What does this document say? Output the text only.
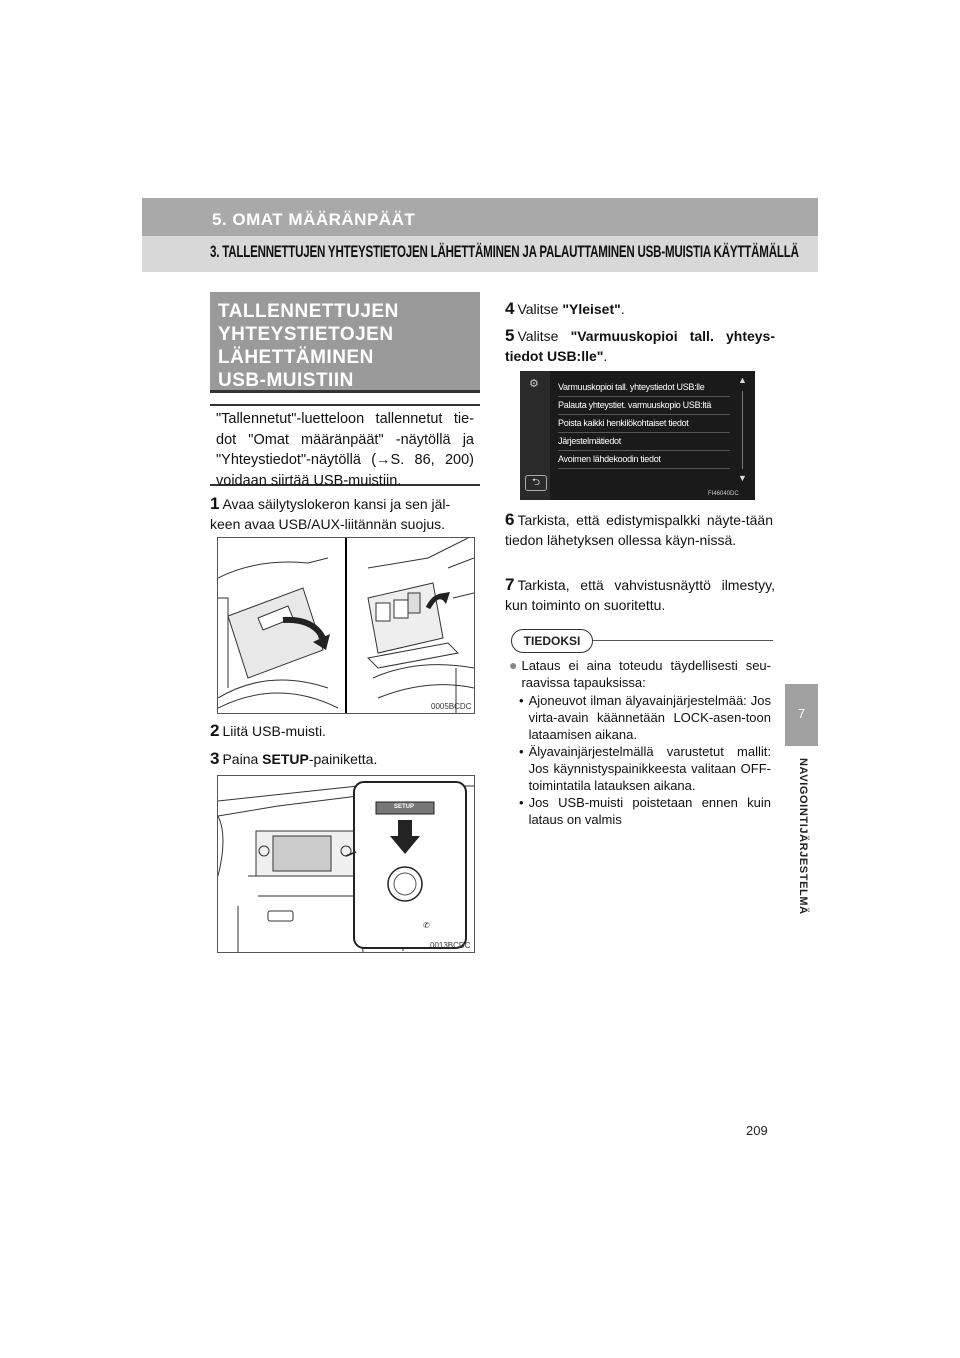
5. OMAT MÄÄRÄNPÄÄT
3. TALLENNETTUJEN YHTEYSTIETOJEN LÄHETTÄMINEN JA PALAUTTAMINEN USB-MUISTIA KÄYTTÄMÄLLÄ
7
NAVIGOINTIJÄRJESTELMÄ
TALLENNETTUJEN YHTEYSTIETOJEN LÄHETTÄMINEN USB-MUISTIIN

"Tallennetut"-luetteloon tallennetut tie-dot "Omat määränpäät" -näytöllä ja "Yhteystiedot"-näytöllä (→S. 86, 200) voidaan siirtää USB-muistiin.

1 Avaa säilytyslokeron kansi ja sen jäl-keen avaa USB/AUX-liitännän suojus.
0005BCDC
2 Liitä USB-muisti.
3 Paina SETUP-painiketta.
✆
SETUP
0013BCDC
4 Valitse "Yleiset".
5 Valitse "Varmuuskopioi tall. yhteys-tiedot USB:lle".
⚙
⮌
Varmuuskopioi tall. yhteystiedot USB:lle
Palauta yhteystiet. varmuuskopio USB:ltä
Poista kaikki henkilökohtaiset tiedot
Järjestelmätiedot
Avoimen lähdekoodin tiedot
▲
▼
FI46040DC
6 Tarkista, että edistymispalkki näyte-tään tiedon lähetyksen ollessa käyn-nissä.
7 Tarkista, että vahvistusnäyttö ilmestyy, kun toiminto on suoritettu.
TIEDOKSI
● Lataus ei aina toteudu täydellisesti seu-raavissa tapauksissa:
• Ajoneuvot ilman älyavainjärjestelmää: Jos virta-avain käännetään LOCK-asen-toon lataamisen aikana.
• Älyavainjärjestelmällä varustetut mallit: Jos käynnistyspainikkeesta valitaan OFF-toimintatila latauksen aikana.
• Jos USB-muisti poistetaan ennen kuin lataus on valmis
209
